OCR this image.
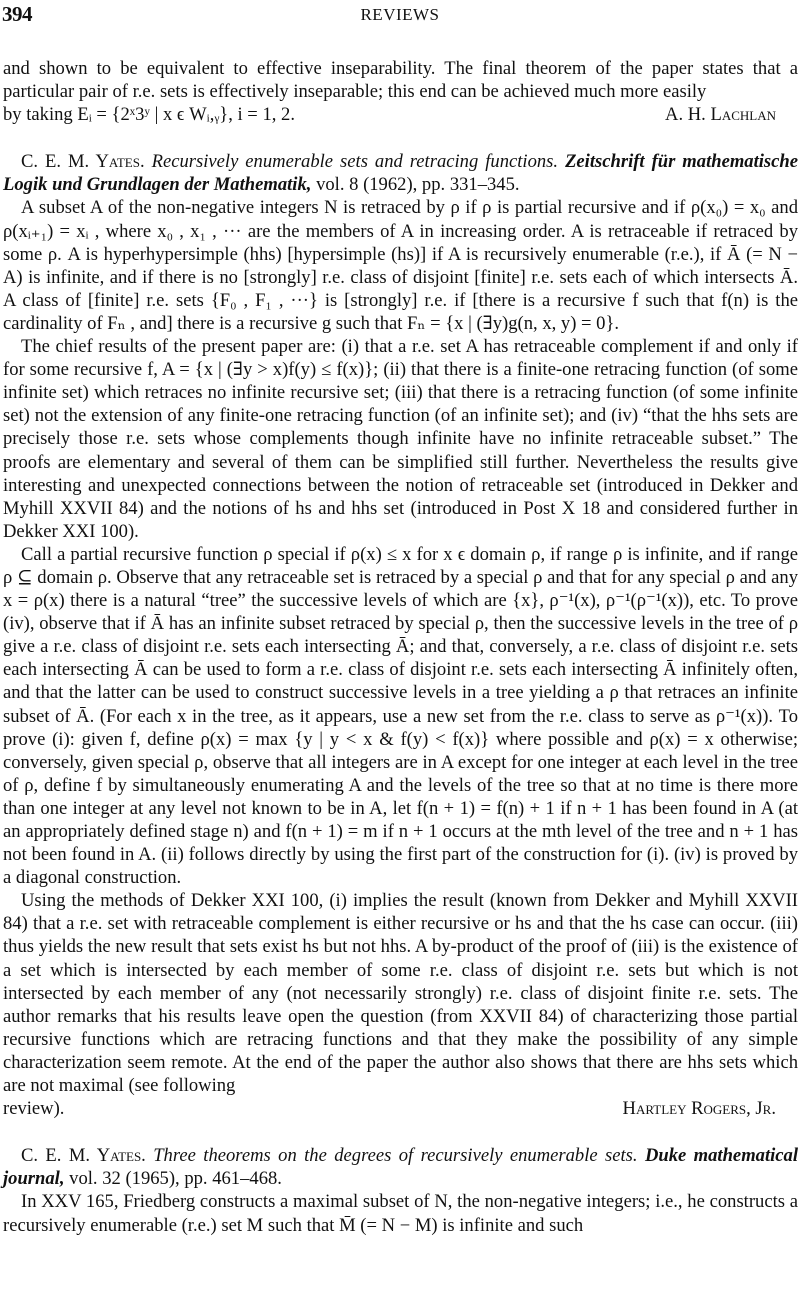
394	REVIEWS

and shown to be equivalent to effective inseparability. The final theorem of the paper states that a particular pair of r.e. sets is effectively inseparable; this end can be achieved much more easily

by taking Eᵢ = {2ˣ3ʸ | x ϵ Wᵢ,ᵧ}, i = 1, 2.	A. H. Lachlan

C. E. M. Yates. Recursively enumerable sets and retracing functions. Zeitschrift für mathematische Logik und Grundlagen der Mathematik, vol. 8 (1962), pp. 331–345.

A subset A of the non-negative integers N is retraced by ρ if ρ is partial recursive and if ρ(x₀) = x₀ and ρ(xᵢ₊₁) = xᵢ , where x₀ , x₁ , ··· are the members of A in increasing order. A is retraceable if retraced by some ρ. A is hyperhypersimple (hhs) [hypersimple (hs)] if A is recursively enumerable (r.e.), if Ā (= N − A) is infinite, and if there is no [strongly] r.e. class of disjoint [finite] r.e. sets each of which intersects Ā. A class of [finite] r.e. sets {F₀ , F₁ , ···} is [strongly] r.e. if [there is a recursive f such that f(n) is the cardinality of Fₙ , and] there is a recursive g such that Fₙ = {x | (∃y)g(n, x, y) = 0}.

The chief results of the present paper are: (i) that a r.e. set A has retraceable complement if and only if for some recursive f, A = {x | (∃y > x)f(y) ≤ f(x)}; (ii) that there is a finite-one retracing function (of some infinite set) which retraces no infinite recursive set; (iii) that there is a retracing function (of some infinite set) not the extension of any finite-one retracing function (of an infinite set); and (iv) “that the hhs sets are precisely those r.e. sets whose complements though infinite have no infinite retraceable subset.” The proofs are elementary and several of them can be simplified still further. Nevertheless the results give interesting and unexpected connections between the notion of retraceable set (introduced in Dekker and Myhill XXVII 84) and the notions of hs and hhs set (introduced in Post X 18 and considered further in Dekker XXI 100).

Call a partial recursive function ρ special if ρ(x) ≤ x for x ϵ domain ρ, if range ρ is infinite, and if range ρ ⊆ domain ρ. Observe that any retraceable set is retraced by a special ρ and that for any special ρ and any x = ρ(x) there is a natural “tree” the successive levels of which are {x}, ρ⁻¹(x), ρ⁻¹(ρ⁻¹(x)), etc. To prove (iv), observe that if Ā has an infinite subset retraced by special ρ, then the successive levels in the tree of ρ give a r.e. class of disjoint r.e. sets each intersecting Ā; and that, conversely, a r.e. class of disjoint r.e. sets each intersecting Ā can be used to form a r.e. class of disjoint r.e. sets each intersecting Ā infinitely often, and that the latter can be used to construct successive levels in a tree yielding a ρ that retraces an infinite subset of Ā. (For each x in the tree, as it appears, use a new set from the r.e. class to serve as ρ⁻¹(x)). To prove (i): given f, define ρ(x) = max {y | y < x & f(y) < f(x)} where possible and ρ(x) = x otherwise; conversely, given special ρ, observe that all integers are in A except for one integer at each level in the tree of ρ, define f by simultaneously enumerating A and the levels of the tree so that at no time is there more than one integer at any level not known to be in A, let f(n + 1) = f(n) + 1 if n + 1 has been found in A (at an appropriately defined stage n) and f(n + 1) = m if n + 1 occurs at the mth level of the tree and n + 1 has not been found in A. (ii) follows directly by using the first part of the construction for (i). (iv) is proved by a diagonal construction.

Using the methods of Dekker XXI 100, (i) implies the result (known from Dekker and Myhill XXVII 84) that a r.e. set with retraceable complement is either recursive or hs and that the hs case can occur. (iii) thus yields the new result that sets exist hs but not hhs. A by-product of the proof of (iii) is the existence of a set which is intersected by each member of some r.e. class of disjoint r.e. sets but which is not intersected by each member of any (not necessarily strongly) r.e. class of disjoint finite r.e. sets. The author remarks that his results leave open the question (from XXVII 84) of characterizing those partial recursive functions which are retracing functions and that they make the possibility of any simple characterization seem remote. At the end of the paper the author also shows that there are hhs sets which are not maximal (see following

review).	Hartley Rogers, Jr.

C. E. M. Yates. Three theorems on the degrees of recursively enumerable sets. Duke mathematical journal, vol. 32 (1965), pp. 461–468.

In XXV 165, Friedberg constructs a maximal subset of N, the non-negative integers; i.e., he constructs a recursively enumerable (r.e.) set M such that M̄ (= N − M) is infinite and such
